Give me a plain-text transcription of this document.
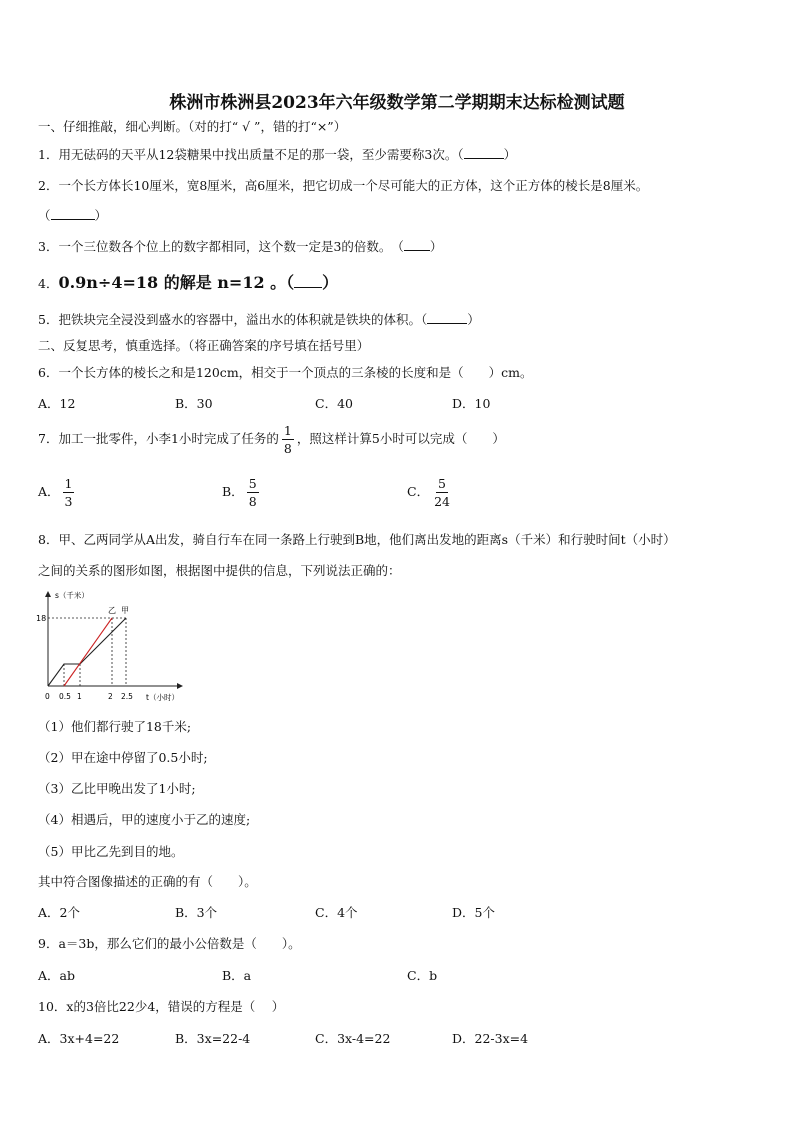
株洲市株洲县2023年六年级数学第二学期期末达标检测试题
一、仔细推敲，细心判断。（对的打“ √ ”，错的打“×”）
1．用无砝码的天平从12袋糖果中找出质量不足的那一袋，至少需要称3次。（	）
2．一个长方体长10厘米，宽8厘米，高6厘米，把它切成一个尽可能大的正方体，这个正方体的棱长是8厘米。
（	）
3．一个三位数各个位上的数字都相同，这个数一定是3的倍数。　（ ）
4．0.9n÷4=18 的解是 n=12 。（ ）
5．把铁块完全浸没到盛水的容器中，溢出水的体积就是铁块的体积。（	）
二、反复思考，慎重选择。（将正确答案的序号填在括号里）
6．一个长方体的棱长之和是120cm，相交于一个顶点的三条棱的长度和是（　　）cm。
A．12	B．30	C．40	D．10
7．加工一批零件，小李1小时完成了任务的 $\frac{1}{8}$ ，照这样计算5小时可以完成（　　）
A． $\frac{1}{3}$	B． $\frac{5}{8}$	C． $\frac{5}{24}$
8．甲、乙两同学从A出发，骑自行车在同一条路上行驶到B地，他们离出发地的距离s（千米）和行驶时间t（小时）
之间的关系的图形如图，根据图中提供的信息，下列说法正确的：
s（千米）
t（小时）
18
0 0.5 1	2 2.5
乙 甲
（1）他们都行驶了18千米;
（2）甲在途中停留了0.5小时;
（3）乙比甲晚出发了1小时;
（4）相遇后，甲的速度小于乙的速度;
（5）甲比乙先到目的地。
其中符合图像描述的正确的有（　　）。
A．2个	B．3个	C．4个	D．5个
9．a＝3b，那么它们的最小公倍数是（　　）。
A．ab	B．a	C．b
10．x的3倍比22少4，错误的方程是（　 ）
A．3x+4=22	B．3x=22-4	C．3x-4=22	D．22-3x=4
